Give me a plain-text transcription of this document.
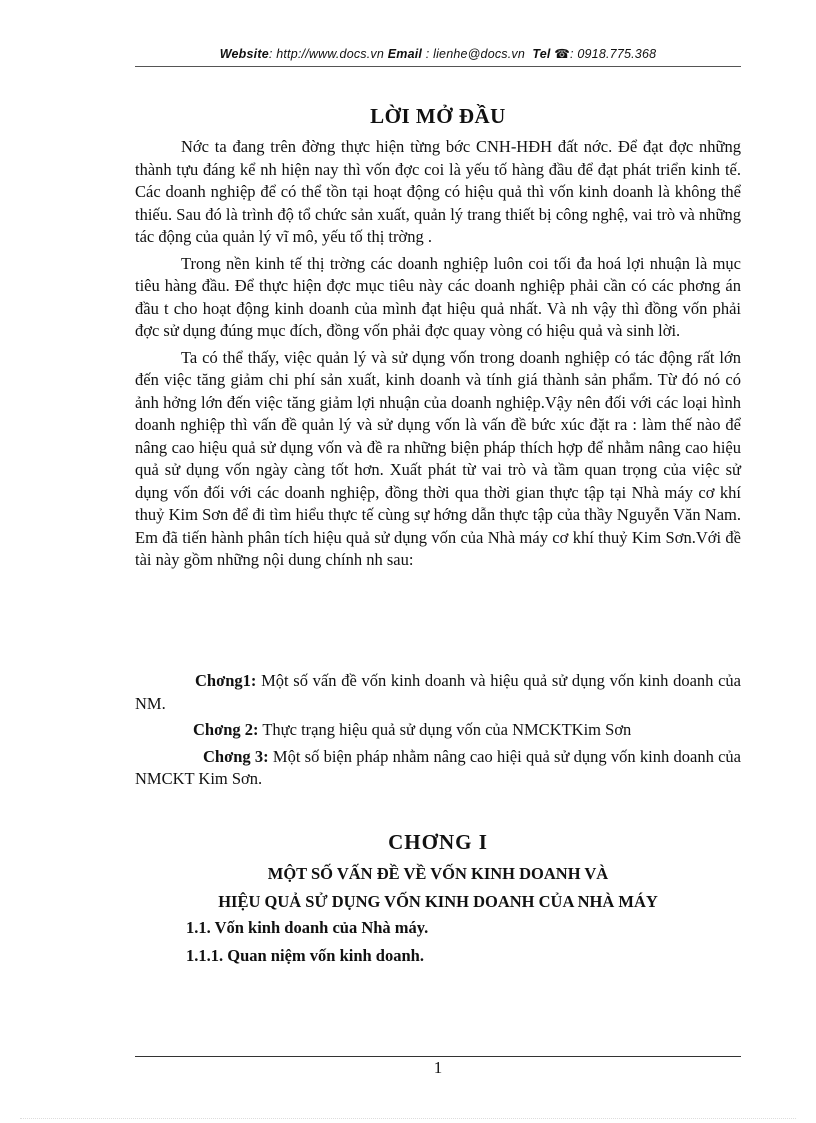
Website: http://www.docs.vn Email : lienhe@docs.vn Tel ☎: 0918.775.368
LỜI MỞ ĐẦU

Nớc ta đang trên đờng thực hiện từng bớc CNH-HĐH đất nớc. Để đạt đợc những thành tựu đáng kể nh hiện nay thì vốn đợc coi là yếu tố hàng đầu để đạt phát triển kinh tế. Các doanh nghiệp để có thể tồn tại hoạt động có hiệu quả thì vốn kinh doanh là không thể thiếu. Sau đó là trình độ tổ chức sản xuất, quản lý trang thiết bị công nghệ, vai trò và những tác động của quản lý vĩ mô, yếu tố thị trờng .

Trong nền kinh tế thị trờng các doanh nghiệp luôn coi tối đa hoá lợi nhuận là mục tiêu hàng đầu. Để thực hiện đợc mục tiêu này các doanh nghiệp phải cần có các phơng án đầu t cho hoạt động kinh doanh của mình đạt hiệu quả nhất. Và nh vậy thì đồng vốn phải đợc sử dụng đúng mục đích, đồng vốn phải đợc quay vòng có hiệu quả và sinh lời.

Ta có thể thấy, việc quản lý và sử dụng vốn trong doanh nghiệp có tác động rất lớn đến việc tăng giảm chi phí sản xuất, kinh doanh và tính giá thành sản phẩm. Từ đó nó có ảnh hởng lớn đến việc tăng giảm lợi nhuận của doanh nghiệp.Vậy nên đối với các loại hình doanh nghiệp thì vấn đề quản lý và sử dụng vốn là vấn đề bức xúc đặt ra : làm thế nào để nâng cao hiệu quả sử dụng vốn và đề ra những biện pháp thích hợp để nhằm nâng cao hiệu quả sử dụng vốn ngày càng tốt hơn. Xuất phát từ vai trò và tầm quan trọng của việc sử dụng vốn đối với các doanh nghiệp, đồng thời qua thời gian thực tập tại Nhà máy cơ khí thuỷ Kim Sơn để đi tìm hiểu thực tế cùng sự hớng dẫn thực tập của thầy Nguyễn Văn Nam. Em đã tiến hành phân tích hiệu quả sử dụng vốn của Nhà máy cơ khí thuỷ Kim Sơn.Với đề tài này gồm những nội dung chính nh sau:

Chơng1: Một số vấn đề vốn kinh doanh và hiệu quả sử dụng vốn kinh doanh của NM.

Chơng 2: Thực trạng hiệu quả sử dụng vốn của NMCKTKim Sơn

Chơng 3: Một số biện pháp nhằm nâng cao hiệi quả sử dụng vốn kinh doanh của NMCKT Kim Sơn.

CHƠNG I
MỘT SỐ VẤN ĐỀ VỀ VỐN KINH DOANH VÀ
HIỆU QUẢ SỬ DỤNG VỐN KINH DOANH CỦA NHÀ MÁY
1.1. Vốn kinh doanh của Nhà máy.
1.1.1. Quan niệm vốn kinh doanh.
1
